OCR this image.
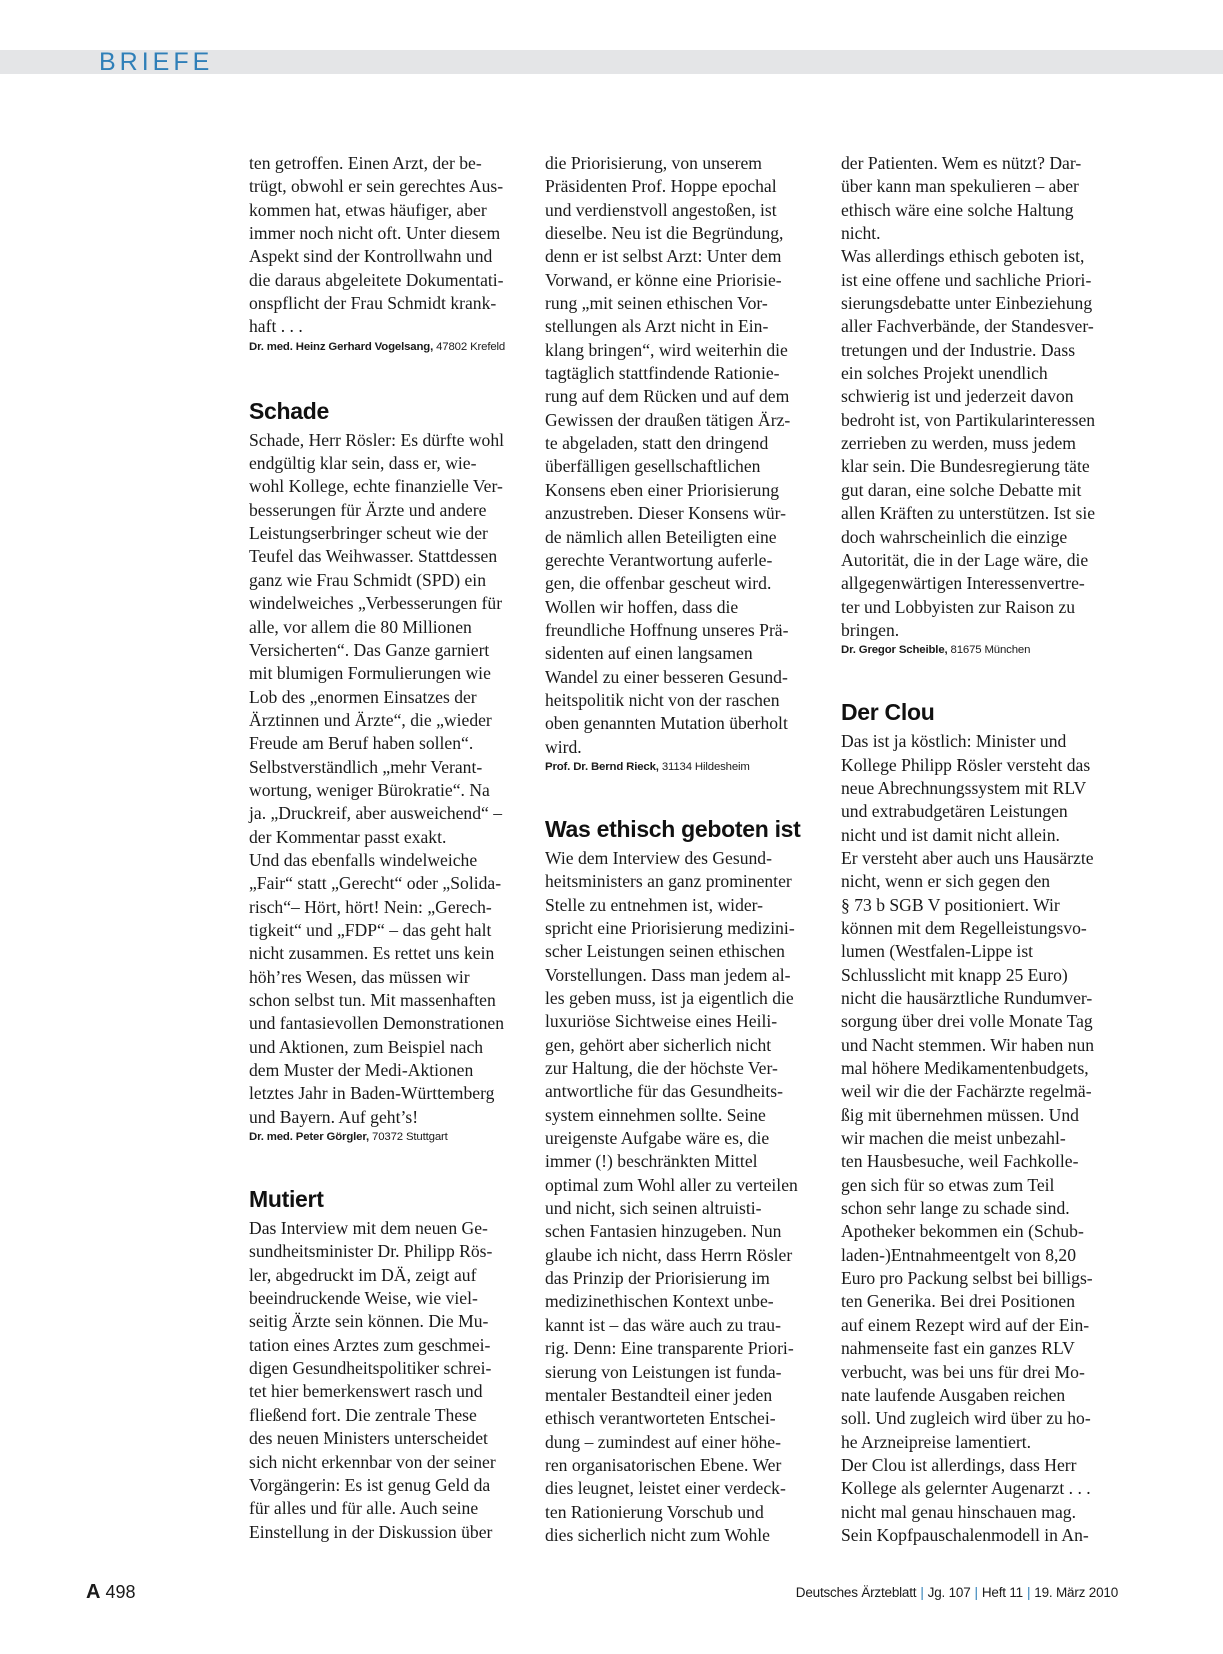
BRIEFE

ten getroffen. Einen Arzt, der be-
trügt, obwohl er sein gerechtes Aus-
kommen hat, etwas häufiger, aber
immer noch nicht oft. Unter diesem
Aspekt sind der Kontrollwahn und
die daraus abgeleitete Dokumentati-
onspflicht der Frau Schmidt krank-
haft . . .

Dr. med. Heinz Gerhard Vogelsang, 47802 Krefeld

Schade

Schade, Herr Rösler: Es dürfte wohl
endgültig klar sein, dass er, wie-
wohl Kollege, echte finanzielle Ver-
besserungen für Ärzte und andere
Leistungserbringer scheut wie der
Teufel das Weihwasser. Stattdessen
ganz wie Frau Schmidt (SPD) ein
windelweiches „Verbesserungen für
alle, vor allem die 80 Millionen
Versicherten“. Das Ganze garniert
mit blumigen Formulierungen wie
Lob des „enormen Einsatzes der
Ärztinnen und Ärzte“, die „wieder
Freude am Beruf haben sollen“.
Selbstverständlich „mehr Verant-
wortung, weniger Bürokratie“. Na
ja. „Druckreif, aber ausweichend“ –
der Kommentar passt exakt.

Und das ebenfalls windelweiche
„Fair“ statt „Gerecht“ oder „Solida-
risch“– Hört, hört! Nein: „Gerech-
tigkeit“ und „FDP“ – das geht halt
nicht zusammen. Es rettet uns kein
höh’res Wesen, das müssen wir
schon selbst tun. Mit massenhaften
und fantasievollen Demonstrationen
und Aktionen, zum Beispiel nach
dem Muster der Medi-Aktionen
letztes Jahr in Baden-Württemberg
und Bayern. Auf geht’s!

Dr. med. Peter Görgler, 70372 Stuttgart

Mutiert

Das Interview mit dem neuen Ge-
sundheitsminister Dr. Philipp Rös-
ler, abgedruckt im DÄ, zeigt auf
beeindruckende Weise, wie viel-
seitig Ärzte sein können. Die Mu-
tation eines Arztes zum geschmei-
digen Gesundheitspolitiker schrei-
tet hier bemerkenswert rasch und
fließend fort. Die zentrale These
des neuen Ministers unterscheidet
sich nicht erkennbar von der seiner
Vorgängerin: Es ist genug Geld da
für alles und für alle. Auch seine
Einstellung in der Diskussion über

die Priorisierung, von unserem
Präsidenten Prof. Hoppe epochal
und verdienstvoll angestoßen, ist
dieselbe. Neu ist die Begründung,
denn er ist selbst Arzt: Unter dem
Vorwand, er könne eine Priorisie-
rung „mit seinen ethischen Vor-
stellungen als Arzt nicht in Ein-
klang bringen“, wird weiterhin die
tagtäglich stattfindende Rationie-
rung auf dem Rücken und auf dem
Gewissen der draußen tätigen Ärz-
te abgeladen, statt den dringend
überfälligen gesellschaftlichen
Konsens eben einer Priorisierung
anzustreben. Dieser Konsens wür-
de nämlich allen Beteiligten eine
gerechte Verantwortung auferle-
gen, die offenbar gescheut wird.
Wollen wir hoffen, dass die
freundliche Hoffnung unseres Prä-
sidenten auf einen langsamen
Wandel zu einer besseren Gesund-
heitspolitik nicht von der raschen
oben genannten Mutation überholt
wird.

Prof. Dr. Bernd Rieck, 31134 Hildesheim

Was ethisch geboten ist

Wie dem Interview des Gesund-
heitsministers an ganz prominenter
Stelle zu entnehmen ist, wider-
spricht eine Priorisierung medizini-
scher Leistungen seinen ethischen
Vorstellungen. Dass man jedem al-
les geben muss, ist ja eigentlich die
luxuriöse Sichtweise eines Heili-
gen, gehört aber sicherlich nicht
zur Haltung, die der höchste Ver-
antwortliche für das Gesundheits-
system einnehmen sollte. Seine
ureigenste Aufgabe wäre es, die
immer (!) beschränkten Mittel
optimal zum Wohl aller zu verteilen
und nicht, sich seinen altruisti-
schen Fantasien hinzugeben. Nun
glaube ich nicht, dass Herrn Rösler
das Prinzip der Priorisierung im
medizinethischen Kontext unbe-
kannt ist – das wäre auch zu trau-
rig. Denn: Eine transparente Priori-
sierung von Leistungen ist funda-
mentaler Bestandteil einer jeden
ethisch verantworteten Entschei-
dung – zumindest auf einer höhe-
ren organisatorischen Ebene. Wer
dies leugnet, leistet einer verdeck-
ten Rationierung Vorschub und
dies sicherlich nicht zum Wohle

der Patienten. Wem es nützt? Dar-
über kann man spekulieren – aber
ethisch wäre eine solche Haltung
nicht.

Was allerdings ethisch geboten ist,
ist eine offene und sachliche Priori-
sierungsdebatte unter Einbeziehung
aller Fachverbände, der Standesver-
tretungen und der Industrie. Dass
ein solches Projekt unendlich
schwierig ist und jederzeit davon
bedroht ist, von Partikularinteressen
zerrieben zu werden, muss jedem
klar sein. Die Bundesregierung täte
gut daran, eine solche Debatte mit
allen Kräften zu unterstützen. Ist sie
doch wahrscheinlich die einzige
Autorität, die in der Lage wäre, die
allgegenwärtigen Interessenvertre-
ter und Lobbyisten zur Raison zu
bringen.

Dr. Gregor Scheible, 81675 München

Der Clou

Das ist ja köstlich: Minister und
Kollege Philipp Rösler versteht das
neue Abrechnungssystem mit RLV
und extrabudgetären Leistungen
nicht und ist damit nicht allein.

Er versteht aber auch uns Hausärzte
nicht, wenn er sich gegen den
§ 73 b SGB V positioniert. Wir
können mit dem Regelleistungsvo-
lumen (Westfalen-Lippe ist
Schlusslicht mit knapp 25 Euro)
nicht die hausärztliche Rundumver-
sorgung über drei volle Monate Tag
und Nacht stemmen. Wir haben nun
mal höhere Medikamentenbudgets,
weil wir die der Fachärzte regelmä-
ßig mit übernehmen müssen. Und
wir machen die meist unbezahl-
ten Hausbesuche, weil Fachkolle-
gen sich für so etwas zum Teil
schon sehr lange zu schade sind.
Apotheker bekommen ein (Schub-
laden-)Entnahmeentgelt von 8,20
Euro pro Packung selbst bei billigs-
ten Generika. Bei drei Positionen
auf einem Rezept wird auf der Ein-
nahmenseite fast ein ganzes RLV
verbucht, was bei uns für drei Mo-
nate laufende Ausgaben reichen
soll. Und zugleich wird über zu ho-
he Arzneipreise lamentiert.

Der Clou ist allerdings, dass Herr
Kollege als gelernter Augenarzt . . .
nicht mal genau hinschauen mag.
Sein Kopfpauschalenmodell in An-

A 498	Deutsches Ärzteblatt | Jg. 107 | Heft 11 | 19. März 2010
